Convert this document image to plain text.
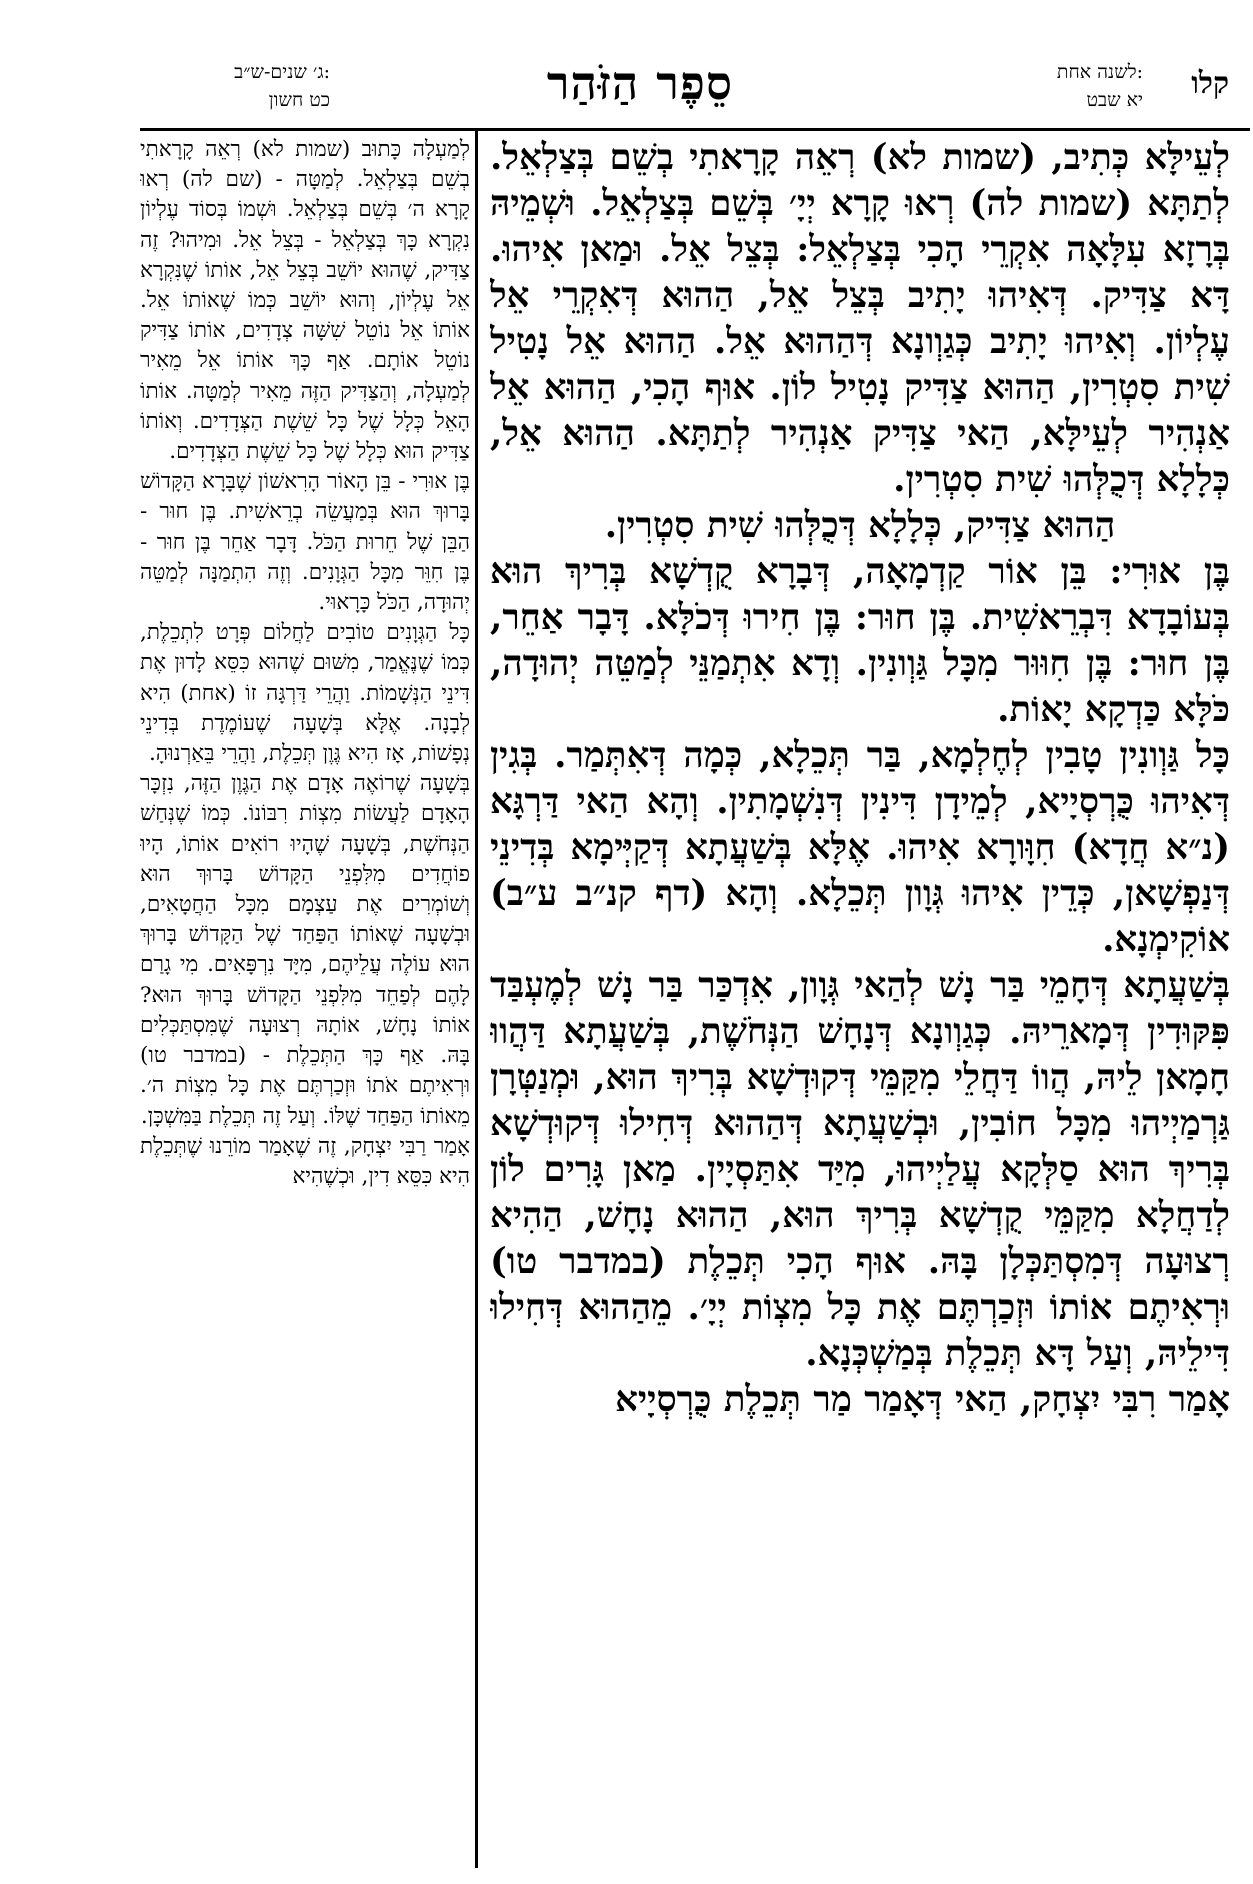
קלו
לשנה אחת:
יא שבט
סֵפֶר הַזֹּהַר
ג׳ שנים-ש״ב:
כט חשון

לְעֵילָּא כְּתִיב, (שמות לא) רְאֵה קָרָאתִי בְשֵׁם בְּצַלְאֵל. לְתַתָּא (שמות לה) רְאוּ קָרָא יְיָ׳ בְּשֵׁם בְּצַלְאֵל. וּשְׁמֵיהּ בְּרָזָא עִלָּאָה אִקְרֵי הָכִי בְּצַלְאֵל: בְּצֵל אֵל. וּמַאן אִיהוּ. דָּא צַדִּיק. דְּאִיהוּ יָתִיב בְּצֵל אֵל, הַהוּא דְּאִקְרֵי אֵל עֶלְיוֹן. וְאִיהוּ יָתִיב כְּגַוְונָא דְּהַהוּא אֵל. הַהוּא אֵל נָטִיל שִׁית סִטְרִין, הַהוּא צַדִּיק נָטִיל לוֹן. אוּף הָכִי, הַהוּא אֵל אַנְהִיר לְעֵילָּא, הַאי צַדִּיק אַנְהִיר לְתַתָּא. הַהוּא אֵל, כְּלָלָא דְּכֻלְּהוּ שִׁית סִטְרִין.

הַהוּא צַדִּיק, כְּלָלָא דְּכֻלְּהוּ שִׁית סִטְרִין.

בֶּן אוּרִי: בֵּן אוֹר קַדְמָאָה, דְּבָרָא קֻדְשָׁא בְּרִיךְ הוּא בְּעוֹבָדָא דִּבְרֵאשִׁית. בֶּן חוּר: בֶּן חִירוּ דְּכֹלָּא. דָּבָר אַחֵר, בֶּן חוּר: בֶּן חִוּוּר מִכָּל גַּוְונִין. וְדָא אִתְמַנֵּי לְמַטֵּה יְהוּדָה, כֹּלָּא כַּדְקָא יָאוֹת.

כָּל גַּוְונִין טָבִין לְחֶלְמָא, בַּר תְּכֵלָא, כְּמָה דְּאִתְּמַר. בְּגִין דְּאִיהוּ כֻּרְסְיָיא, לְמֵידָן דִּינִין דְּנִשְׁמָתִין. וְהָא הַאי דַּרְגָּא (נ״א חֲדָא) חִוָּורָא אִיהוּ. אֶלָּא בְּשַׁעֲתָא דְּקַיְּימָא בְּדִינֵי דְּנַפְשָׁאן, כְּדֵין אִיהוּ גְּוָון תְּכֵלָא. וְהָא (דף קנ״ב ע״ב) אוֹקִימְנָא.

בְּשַׁעֲתָא דְּחָמֵי בַּר נָשׁ לְהַאי גְּוָון, אִדְכַּר בַּר נָשׁ לְמֶעְבַּד פִּקּוּדִין דְּמָארֵיהּ. כְּגַוְונָא דְּנָחָשׁ הַנְּחֹשֶׁת, בְּשַׁעֲתָא דַּהֲווּ חָמָאן לֵיהּ, הֲווֹ דַּחֲלֵי מִקַּמֵּי דְּקוּדְשָׁא בְּרִיךְ הוּא, וּמְנַטְּרָן גַּרְמַיְיהוּ מִכָּל חוֹבִין, וּבְשַׁעֲתָא דְּהַהוּא דְּחִילוּ דְּקוּדְשָׁא בְּרִיךְ הוּא סַלְּקָא עֲלַיְיהוּ, מִיַּד אִתַּסְיָין. מַאן גָּרִים לוֹן לְדַחֲלָא מִקַּמֵּי קֻדְשָׁא בְּרִיךְ הוּא, הַהוּא נָחָשׁ, הַהִיא רְצוּעָה דְּמִסְתַּכְּלָן בָּהּ. אוּף הָכִי תְּכֵלֶת (במדבר טו) וּרְאִיתֶם אוֹתוֹ וּזְכַרְתֶּם אֶת כָּל מִצְוֹת יְיָ׳. מֵהַהוּא דְּחִילוּ דִּילֵיהּ, וְעַל דָּא תְּכֵלֶת בְּמַשְׁכְּנָא.

אָמַר רִבִּי יִצְחָק, הַאי דְּאָמַר מַר תְּכֵלֶת כֻּרְסְיָיא

לְמַעְלָה כָּתוּב (שמות לא) רְאֵה קָרָאתִי בְשֵׁם בְּצַלְאֵל. לְמַטָּה - (שם לה) רְאוּ קָרָא ה׳ בְּשֵׁם בְּצַלְאֵל. וּשְׁמוֹ בְּסוֹד עֶלְיוֹן נִקְרָא כָּךְ בְּצַלְאֵל - בְּצֵל אֵל. וּמִיהוּ? זֶה צַדִּיק, שֶׁהוּא יוֹשֵׁב בְּצֵל אֵל, אוֹתוֹ שֶׁנִּקְרָא אֵל עֶלְיוֹן, וְהוּא יוֹשֵׁב כְּמוֹ שֶׁאוֹתוֹ אֵל. אוֹתוֹ אֵל נוֹטֵל שִׁשָּׁה צְדָדִים, אוֹתוֹ צַדִּיק נוֹטֵל אוֹתָם. אַף כָּךְ אוֹתוֹ אֵל מֵאִיר לְמַעְלָה, וְהַצַּדִּיק הַזֶּה מֵאִיר לְמַטָּה. אוֹתוֹ הָאֵל כְּלָל שֶׁל כָּל שֵׁשֶׁת הַצְּדָדִים. וְאוֹתוֹ צַדִּיק הוּא כְּלָל שֶׁל כָּל שֵׁשֶׁת הַצְּדָדִים.

בֶּן אוּרִי - בֵּן הָאוֹר הָרִאשׁוֹן שֶׁבָּרָא הַקָּדוֹשׁ בָּרוּךְ הוּא בְּמַעֲשֵׂה בְרֵאשִׁית. בֶּן חוּר - הַבֵּן שֶׁל חֵרוּת הַכֹּל. דָּבָר אַחֵר בֶּן חוּר - בֶּן חִוֵּר מִכָּל הַגְּוָנִים. וְזֶה הִתְמַנָּה לְמַטֵּה יְהוּדָה, הַכֹּל כָּרָאוּי.

כָּל הַגְּוָנִים טוֹבִים לַחֲלוֹם פְּרָט לִתְכֵלֶת, כְּמוֹ שֶׁנֶּאֱמַר, מִשּׁוּם שֶׁהוּא כִּסֵּא לָדוּן אֶת דִּינֵי הַנְּשָׁמוֹת. וַהֲרֵי דַּרְגָּה זוֹ (אחת) הִיא לְבָנָה. אֶלָּא בְּשָׁעָה שֶׁעוֹמֶדֶת בְּדִינֵי נְפָשׁוֹת, אָז הִיא גֶּוֶן תְּכֵלֶת, וַהֲרֵי בֵּאַרְנוּהָ.

בְּשָׁעָה שֶׁרוֹאֶה אָדָם אֶת הַגֶּוֶן הַזֶּה, נִזְכָּר הָאָדָם לַעֲשׂוֹת מִצְוֹת רִבּוֹנוֹ. כְּמוֹ שֶׁנְּחַשׁ הַנְּחֹשֶׁת, בְּשָׁעָה שֶׁהָיוּ רוֹאִים אוֹתוֹ, הָיוּ פוֹחֲדִים מִלִּפְנֵי הַקָּדוֹשׁ בָּרוּךְ הוּא וְשׁוֹמְרִים אֶת עַצְמָם מִכָּל הַחֲטָאִים, וּבְשָׁעָה שֶׁאוֹתוֹ הַפַּחַד שֶׁל הַקָּדוֹשׁ בָּרוּךְ הוּא עוֹלֶה עֲלֵיהֶם, מִיָּד נִרְפָּאִים. מִי גָרַם לָהֶם לְפַחֵד מִלִּפְנֵי הַקָּדוֹשׁ בָּרוּךְ הוּא? אוֹתוֹ נָחָשׁ, אוֹתָהּ רְצוּעָה שֶׁמִּסְתַּכְּלִים בָּהּ. אַף כָּךְ הַתְּכֵלֶת - (במדבר טו) וּרְאִיתֶם אֹתוֹ וּזְכַרְתֶּם אֶת כָּל מִצְוֹת ה׳. מֵאוֹתוֹ הַפַּחַד שֶׁלּוֹ. וְעַל זֶה תְּכֵלֶת בַּמִּשְׁכָּן.

אָמַר רַבִּי יִצְחָק, זֶה שֶׁאָמַר מוֹרֵנוּ שֶׁתְּכֵלֶת הִיא כִּסֵּא דִין, וּכְשֶׁהִיא
